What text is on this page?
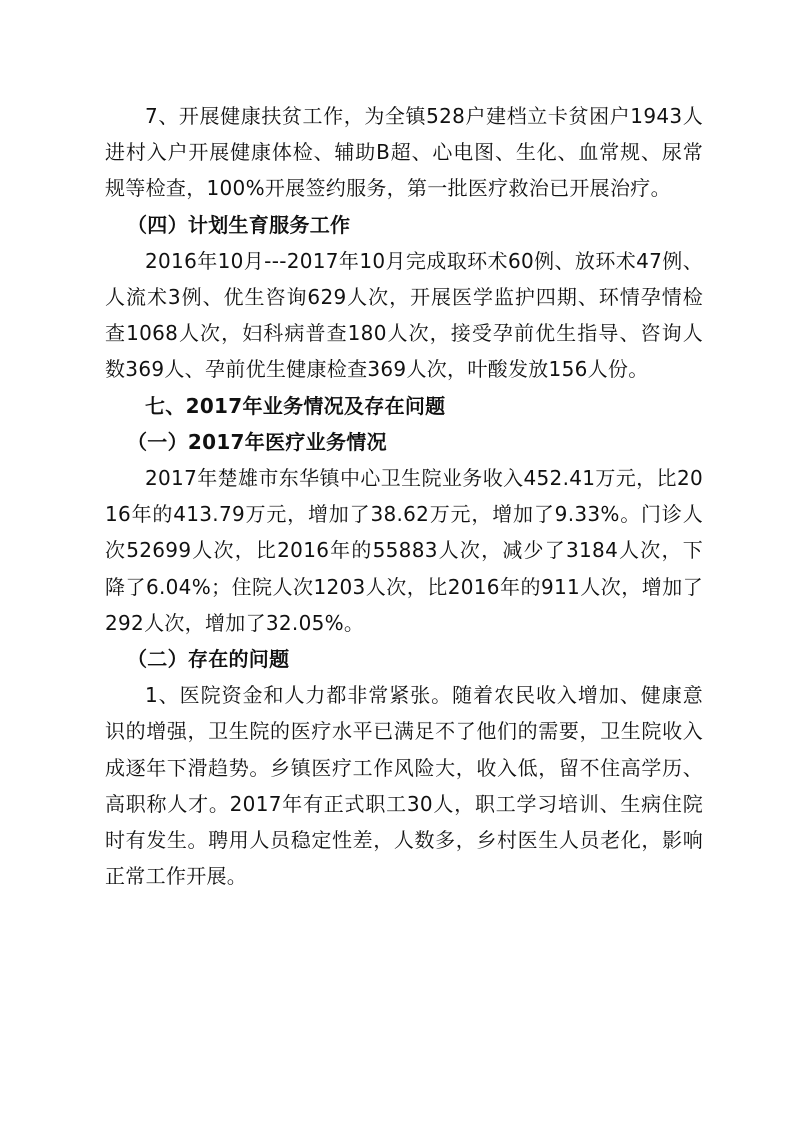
7、开展健康扶贫工作，为全镇528户建档立卡贫困户1943人进村入户开展健康体检、辅助B超、心电图、生化、血常规、尿常规等检查，100%开展签约服务，第一批医疗救治已开展治疗。

（四）计划生育服务工作

2016年10月---2017年10月完成取环术60例、放环术47例、人流术3例、优生咨询629人次，开展医学监护四期、环情孕情检查1068人次，妇科病普查180人次，接受孕前优生指导、咨询人数369人、孕前优生健康检查369人次，叶酸发放156人份。

七、2017年业务情况及存在问题

（一）2017年医疗业务情况

2017年楚雄市东华镇中心卫生院业务收入452.41万元，比2016年的413.79万元，增加了38.62万元，增加了9.33%。门诊人次52699人次，比2016年的55883人次，减少了3184人次，下降了6.04%；住院人次1203人次，比2016年的911人次，增加了292人次，增加了32.05%。

（二）存在的问题

1、医院资金和人力都非常紧张。随着农民收入增加、健康意识的增强，卫生院的医疗水平已满足不了他们的需要，卫生院收入成逐年下滑趋势。乡镇医疗工作风险大，收入低，留不住高学历、高职称人才。2017年有正式职工30人，职工学习培训、生病住院时有发生。聘用人员稳定性差，人数多，乡村医生人员老化，影响正常工作开展。
